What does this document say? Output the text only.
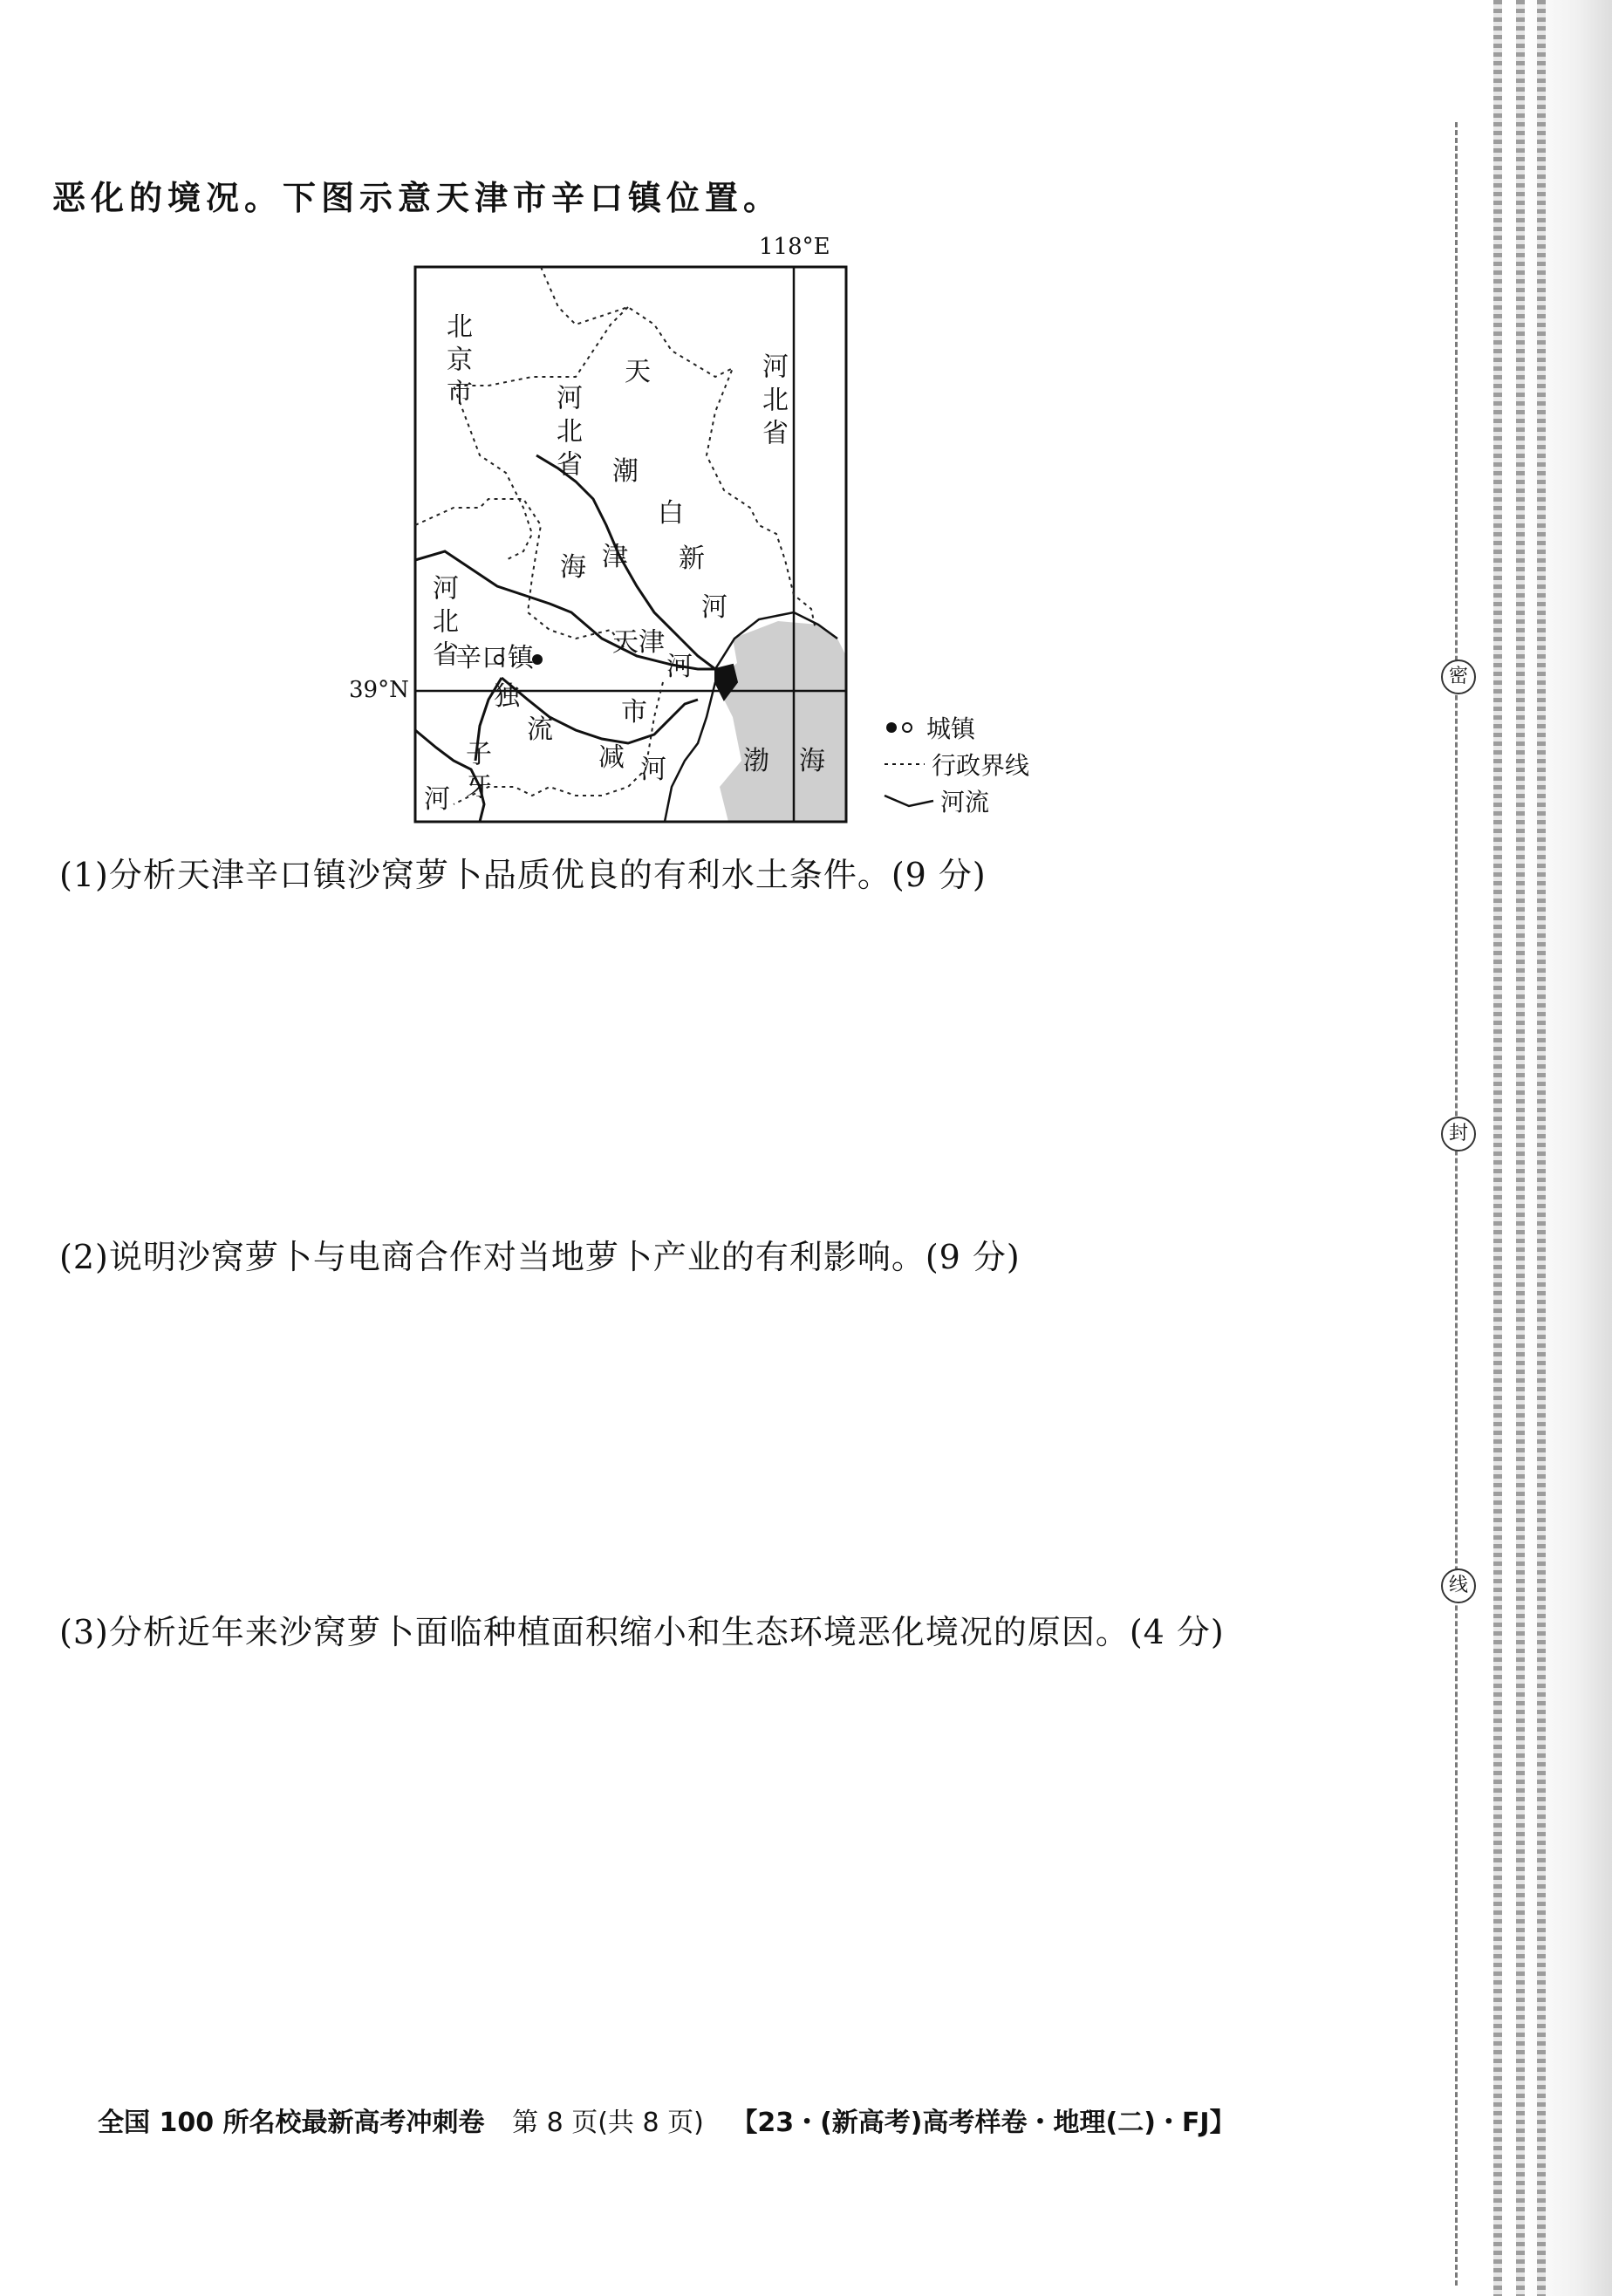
恶化的境况。下图示意天津市辛口镇位置。
118°E
39°N
北京市
河北省	河北省
河北省
天
津
市
潮
白
新
河
海
河
天津
辛口镇
独
流
减 河
子牙
河
渤 海
城镇
行政界线
河流
(1)分析天津辛口镇沙窝萝卜品质优良的有利水土条件。(9 分)
(2)说明沙窝萝卜与电商合作对当地萝卜产业的有利影响。(9 分)
(3)分析近年来沙窝萝卜面临种植面积缩小和生态环境恶化境况的原因。(4 分)
全国 100 所名校最新高考冲刺卷 第 8 页(共 8 页) 【23・(新高考)高考样卷・地理(二)・FJ】
密
封
线
